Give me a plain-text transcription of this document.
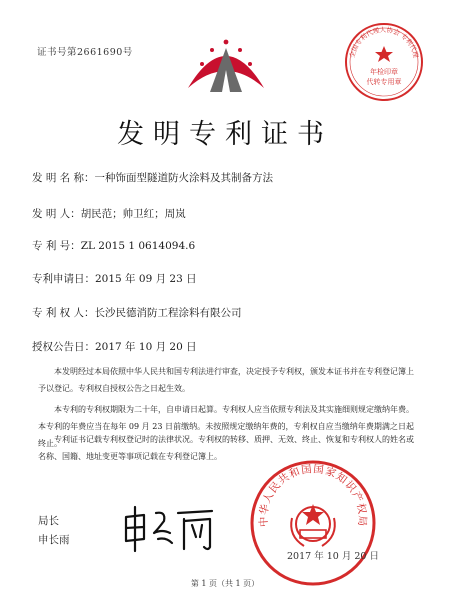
证书号第2661690号	全国专利代理人协会 专利代理
年检印章
代转专用章
发明专利证书
发 明 名 称：一种饰面型隧道防火涂料及其制备方法
发 明 人：胡民范；帅卫红；周岚
专 利 号：ZL 2015 1 0614094.6
专利申请日：2015 年 09 月 23 日
专 利 权 人：长沙民德消防工程涂料有限公司
授权公告日：2017 年 10 月 20 日
本发明经过本局依照中华人民共和国专利法进行审查，决定授予专利权，颁发本证书并在专利登记簿上予以登记。专利权自授权公告之日起生效。
本专利的专利权期限为二十年，自申请日起算。专利权人应当依照专利法及其实施细则规定缴纳年费。本专利的年费应当在每年 09 月 23 日前缴纳。未按照规定缴纳年费的，专利权自应当缴纳年费期满之日起终止。
专利证书记载专利权登记时的法律状况。专利权的转移、质押、无效、终止、恢复和专利权人的姓名或名称、国籍、地址变更等事项记载在专利登记簿上。
局长
申长雨
中华人民共和国国家知识产权局
2017 年 10 月 20 日
第 1 页（共 1 页）
